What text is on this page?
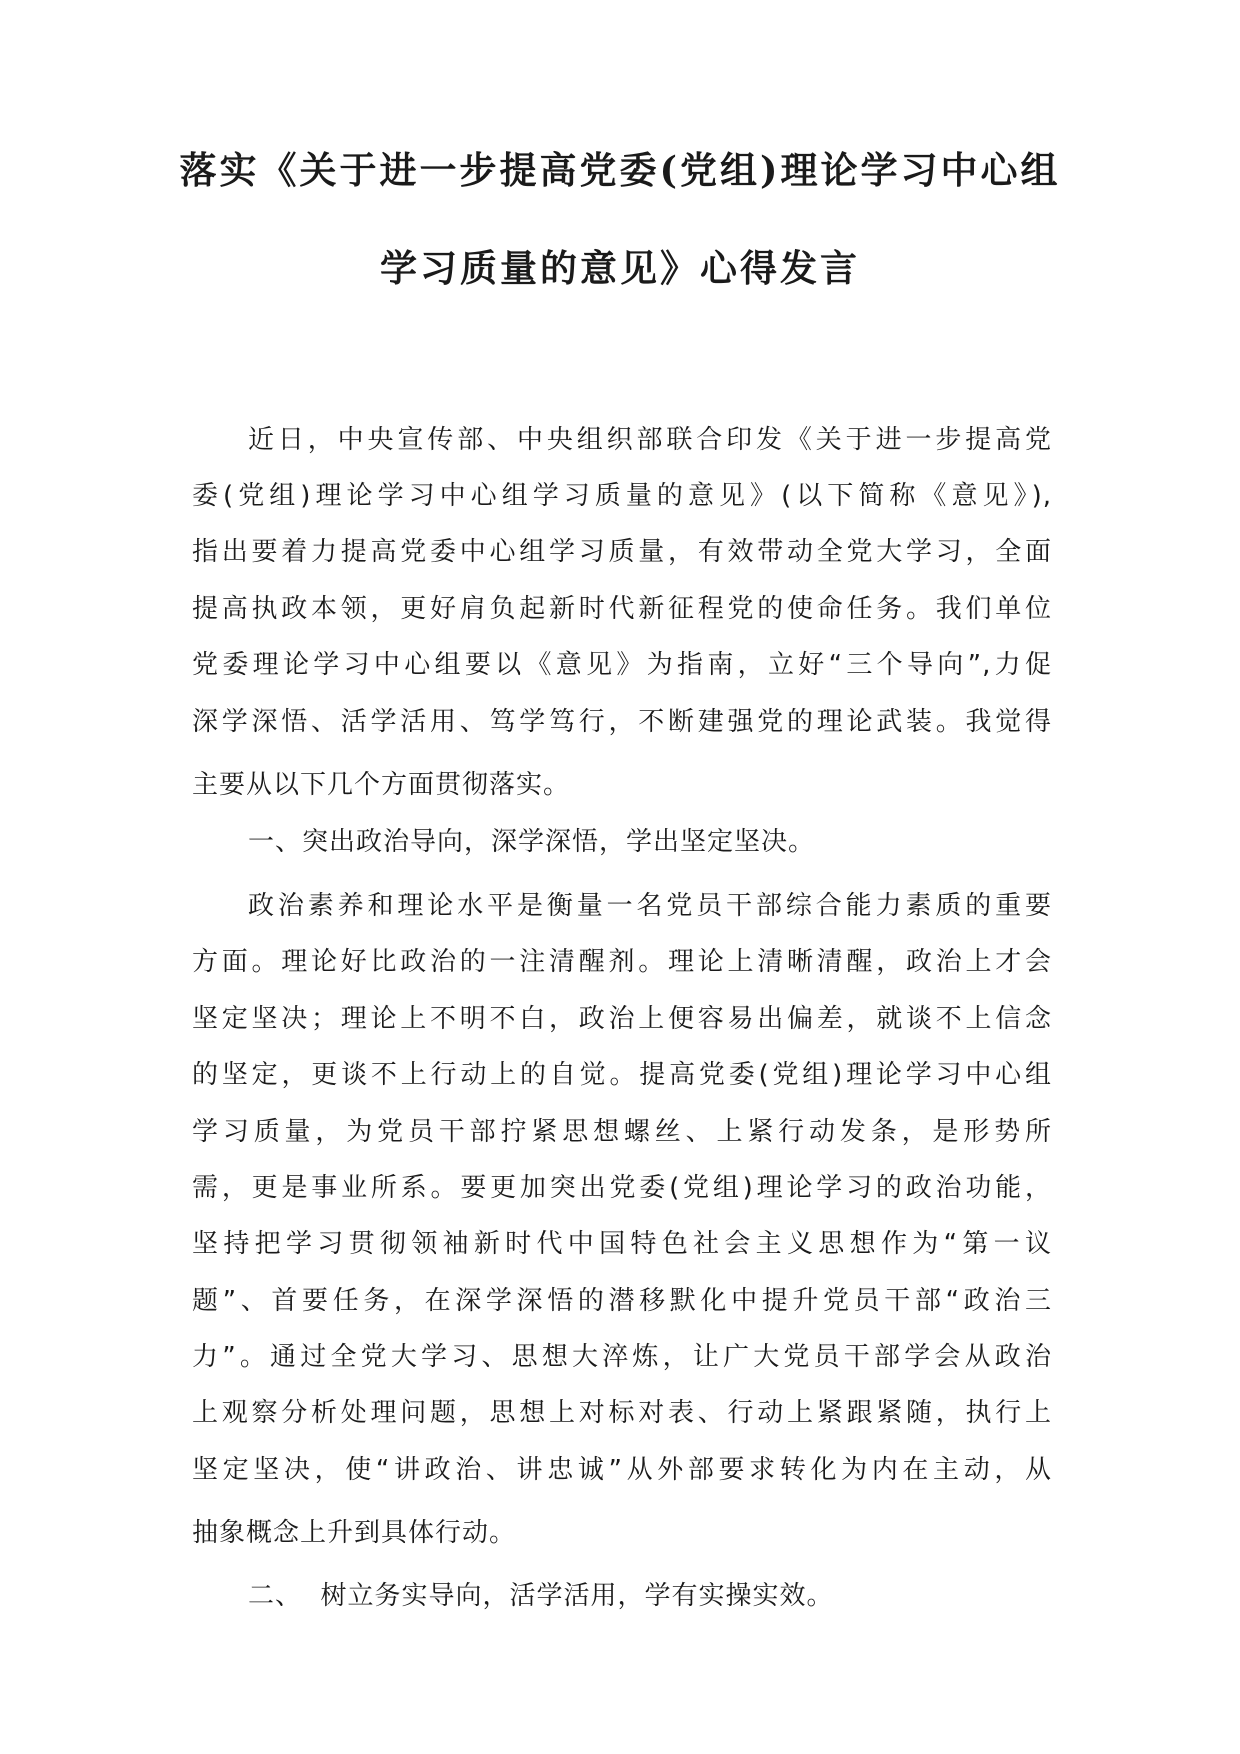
落实《关于进一步提高党委(党组)理论学习中心组
学习质量的意见》心得发言
近日，中央宣传部、中央组织部联合印发《关于进一步提高党
委(党组)理论学习中心组学习质量的意见》(以下简称《意见》),
指出要着力提高党委中心组学习质量，有效带动全党大学习，全面
提高执政本领，更好肩负起新时代新征程党的使命任务。我们单位
党委理论学习中心组要以《意见》为指南，立好“三个导向”,力促
深学深悟、活学活用、笃学笃行，不断建强党的理论武装。我觉得
主要从以下几个方面贯彻落实。
一、突出政治导向，深学深悟，学出坚定坚决。
政治素养和理论水平是衡量一名党员干部综合能力素质的重要
方面。理论好比政治的一注清醒剂。理论上清晰清醒，政治上才会
坚定坚决；理论上不明不白，政治上便容易出偏差，就谈不上信念
的坚定，更谈不上行动上的自觉。提高党委(党组)理论学习中心组
学习质量，为党员干部拧紧思想螺丝、上紧行动发条，是形势所
需，更是事业所系。要更加突出党委(党组)理论学习的政治功能，
坚持把学习贯彻领袖新时代中国特色社会主义思想作为“第一议
题”、首要任务，在深学深悟的潜移默化中提升党员干部“政治三
力”。通过全党大学习、思想大淬炼，让广大党员干部学会从政治
上观察分析处理问题，思想上对标对表、行动上紧跟紧随，执行上
坚定坚决，使“讲政治、讲忠诚”从外部要求转化为内在主动，从
抽象概念上升到具体行动。
二、  树立务实导向，活学活用，学有实操实效。
